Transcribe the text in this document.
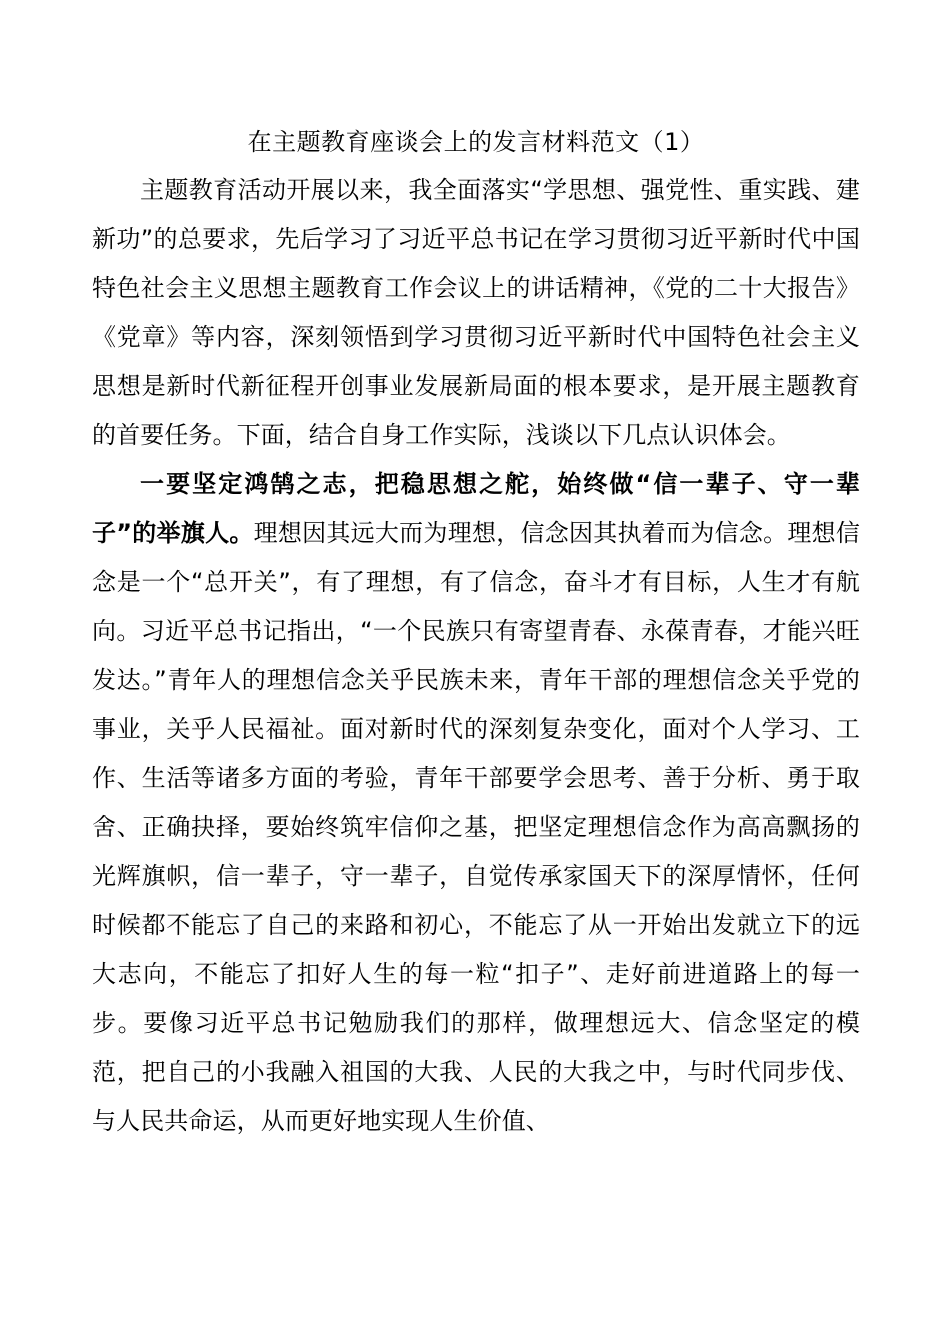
在主题教育座谈会上的发言材料范文（1）

主题教育活动开展以来，我全面落实“学思想、强党性、重实践、建新功”的总要求，先后学习了习近平总书记在学习贯彻习近平新时代中国特色社会主义思想主题教育工作会议上的讲话精神，《党的二十大报告》《党章》等内容，深刻领悟到学习贯彻习近平新时代中国特色社会主义思想是新时代新征程开创事业发展新局面的根本要求，是开展主题教育的首要任务。下面，结合自身工作实际，浅谈以下几点认识体会。

一要坚定鸿鹄之志，把稳思想之舵，始终做“信一辈子、守一辈子”的举旗人。理想因其远大而为理想，信念因其执着而为信念。理想信念是一个“总开关”，有了理想，有了信念，奋斗才有目标，人生才有航向。习近平总书记指出，“一个民族只有寄望青春、永葆青春，才能兴旺发达。”青年人的理想信念关乎民族未来，青年干部的理想信念关乎党的事业，关乎人民福祉。面对新时代的深刻复杂变化，面对个人学习、工作、生活等诸多方面的考验，青年干部要学会思考、善于分析、勇于取舍、正确抉择，要始终筑牢信仰之基，把坚定理想信念作为高高飘扬的光辉旗帜，信一辈子，守一辈子，自觉传承家国天下的深厚情怀，任何时候都不能忘了自己的来路和初心，不能忘了从一开始出发就立下的远大志向，不能忘了扣好人生的每一粒“扣子”、走好前进道路上的每一步。要像习近平总书记勉励我们的那样，做理想远大、信念坚定的模范，把自己的小我融入祖国的大我、人民的大我之中，与时代同步伐、与人民共命运，从而更好地实现人生价值、
